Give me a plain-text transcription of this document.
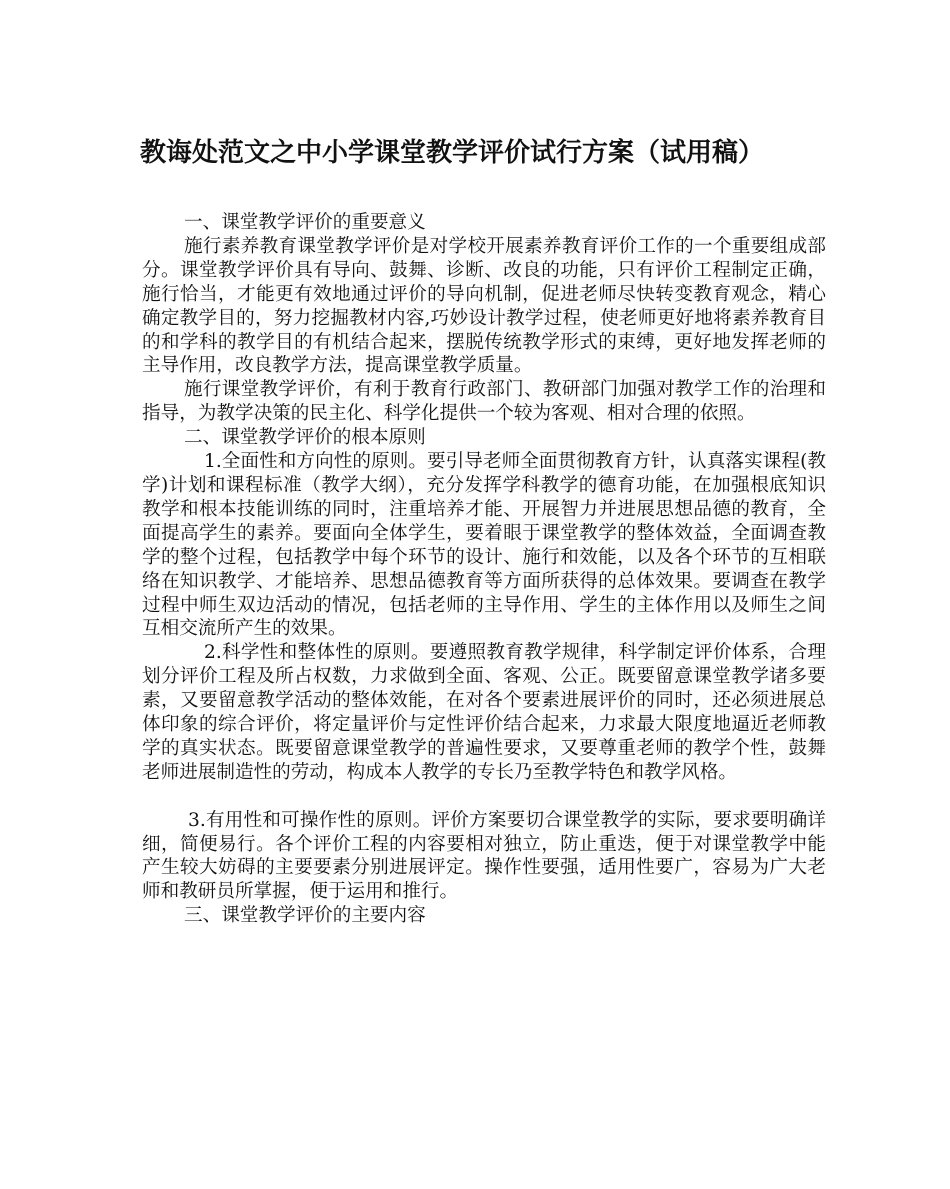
教诲处范文之中小学课堂教学评价试行方案（试用稿）

一、课堂教学评价的重要意义

施行素养教育课堂教学评价是对学校开展素养教育评价工作的一个重要组成部分。课堂教学评价具有导向、鼓舞、诊断、改良的功能，只有评价工程制定正确，施行恰当，才能更有效地通过评价的导向机制，促进老师尽快转变教育观念，精心确定教学目的，努力挖掘教材内容,巧妙设计教学过程，使老师更好地将素养教育目的和学科的教学目的有机结合起来，摆脱传统教学形式的束缚，更好地发挥老师的主导作用，改良教学方法，提高课堂教学质量。

施行课堂教学评价，有利于教育行政部门、教研部门加强对教学工作的治理和指导，为教学决策的民主化、科学化提供一个较为客观、相对合理的依照。

二、课堂教学评价的根本原则

1.全面性和方向性的原则。要引导老师全面贯彻教育方针，认真落实课程(教学)计划和课程标准（教学大纲），充分发挥学科教学的德育功能，在加强根底知识教学和根本技能训练的同时，注重培养才能、开展智力并进展思想品德的教育，全面提高学生的素养。要面向全体学生，要着眼于课堂教学的整体效益，全面调查教学的整个过程，包括教学中每个环节的设计、施行和效能，以及各个环节的互相联络在知识教学、才能培养、思想品德教育等方面所获得的总体效果。要调查在教学过程中师生双边活动的情况，包括老师的主导作用、学生的主体作用以及师生之间互相交流所产生的效果。

2.科学性和整体性的原则。要遵照教育教学规律，科学制定评价体系，合理划分评价工程及所占权数，力求做到全面、客观、公正。既要留意课堂教学诸多要素，又要留意教学活动的整体效能，在对各个要素进展评价的同时，还必须进展总体印象的综合评价，将定量评价与定性评价结合起来，力求最大限度地逼近老师教学的真实状态。既要留意课堂教学的普遍性要求，又要尊重老师的教学个性，鼓舞老师进展制造性的劳动，构成本人教学的专长乃至教学特色和教学风格。

3.有用性和可操作性的原则。评价方案要切合课堂教学的实际，要求要明确详细，简便易行。各个评价工程的内容要相对独立，防止重迭，便于对课堂教学中能产生较大妨碍的主要要素分别进展评定。操作性要强，适用性要广，容易为广大老师和教研员所掌握，便于运用和推行。

三、课堂教学评价的主要内容
